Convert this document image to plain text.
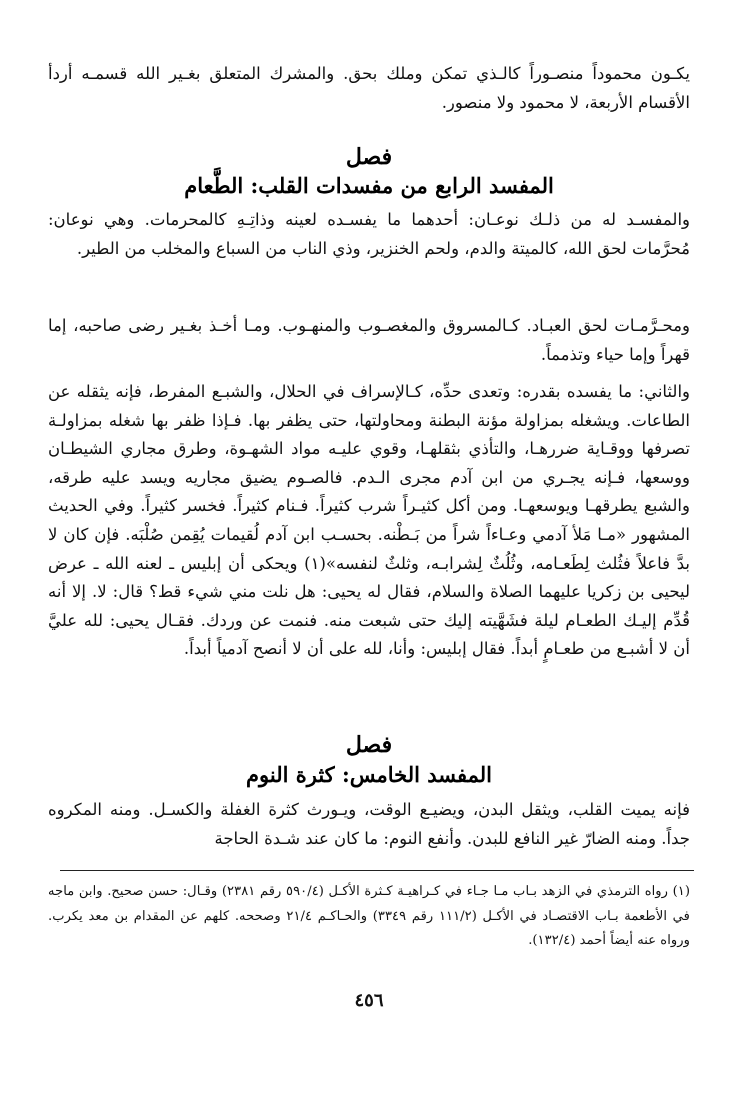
يكـون محموداً منصـوراً كالـذي تمكن وملك بحق. والمشرك المتعلق بغـير الله قسمـه أردأ الأقسام الأربعة، لا محمود ولا منصور.

فصل
المفسد الرابع من مفسدات القلب: الطَّعام

والمفسـد له من ذلـك نوعـان: أحدهما ما يفسـده لعينه وذاتِـهِ كالمحرمات. وهي نوعان: مُحرَّمات لحق الله، كالميتة والدم، ولحم الخنزير، وذي الناب من السباع والمخلب من الطير.

ومحـرَّمـات لحق العبـاد. كـالمسروق والمغصـوب والمنهـوب. ومـا أخـذ بغـير رضى صاحبه، إما قهراً وإما حياء وتذمماً.

والثاني: ما يفسده بقدره: وتعدى حدِّه، كـالإسراف في الحلال، والشبـع المفرط، فإنه يثقله عن الطاعات. ويشغله بمزاولة مؤنة البطنة ومحاولتها، حتى يظفر بها. فـإذا ظفر بها شغله بمزاولـة تصرفها ووقـاية ضررهـا، والتأذي بثقلهـا، وقوي عليـه مواد الشهـوة، وطرق مجاري الشيطـان ووسعها، فـإنه يجـري من ابن آدم مجرى الـدم. فالصـوم يضيق مجاريه ويسد عليه طرقه، والشبع يطرقهـا ويوسعهـا. ومن أكل كثيـراً شرب كثيراً. فـنام كثيراً. فخسر كثيراً. وفي الحديث المشهور «مـا مَلأ آدمي وعـاءاً شراً من بَـطْنه. بحسـب ابن آدم لُقيمات يُقِمن صُلْبَه. فإن كان لا بدَّ فاعلاً فثُلث لِطَعـامه، وثُلُثٌ لِشرابـه، وثلثٌ لنفسه»(١) ويحكى أن إبليس ـ لعنه الله ـ عرض ليحيى بن زكريا عليهما الصلاة والسلام، فقال له يحيى: هل نلت مني شيء قط؟ قال: لا. إلا أنه قُدِّم إليـك الطعـام ليلة فشَهَّيته إليك حتى شبعت منه. فنمت عن وردك. فقـال يحيى: لله عليَّ أن لا أشبـع من طعـامٍ أبداً. فقال إبليس: وأنا، لله على أن لا أنصح آدمياً أبداً.

فصل
المفسد الخامس: كثرة النوم

فإنه يميت القلب، ويثقل البدن، ويضيـع الوقت، ويـورث كثرة الغفلة والكسـل. ومنه المكروه جداً. ومنه الضارّ غير النافع للبدن. وأنفع النوم: ما كان عند شـدة الحاجة

(١) رواه الترمذي في الزهد بـاب مـا جـاء في كـراهيـة كـثرة الأكـل (٥٩٠/٤ رقم ٢٣٨١) وقـال: حسن صحيح. وابن ماجه في الأطعمة بـاب الاقتصـاد في الأكـل (١١١/٢ رقم ٣٣٤٩) والحـاكـم ٢١/٤ وصححه. كلهم عن المقدام بن معد يكرب. ورواه عنه أيضاً أحمد (١٣٢/٤).

٤٥٦
